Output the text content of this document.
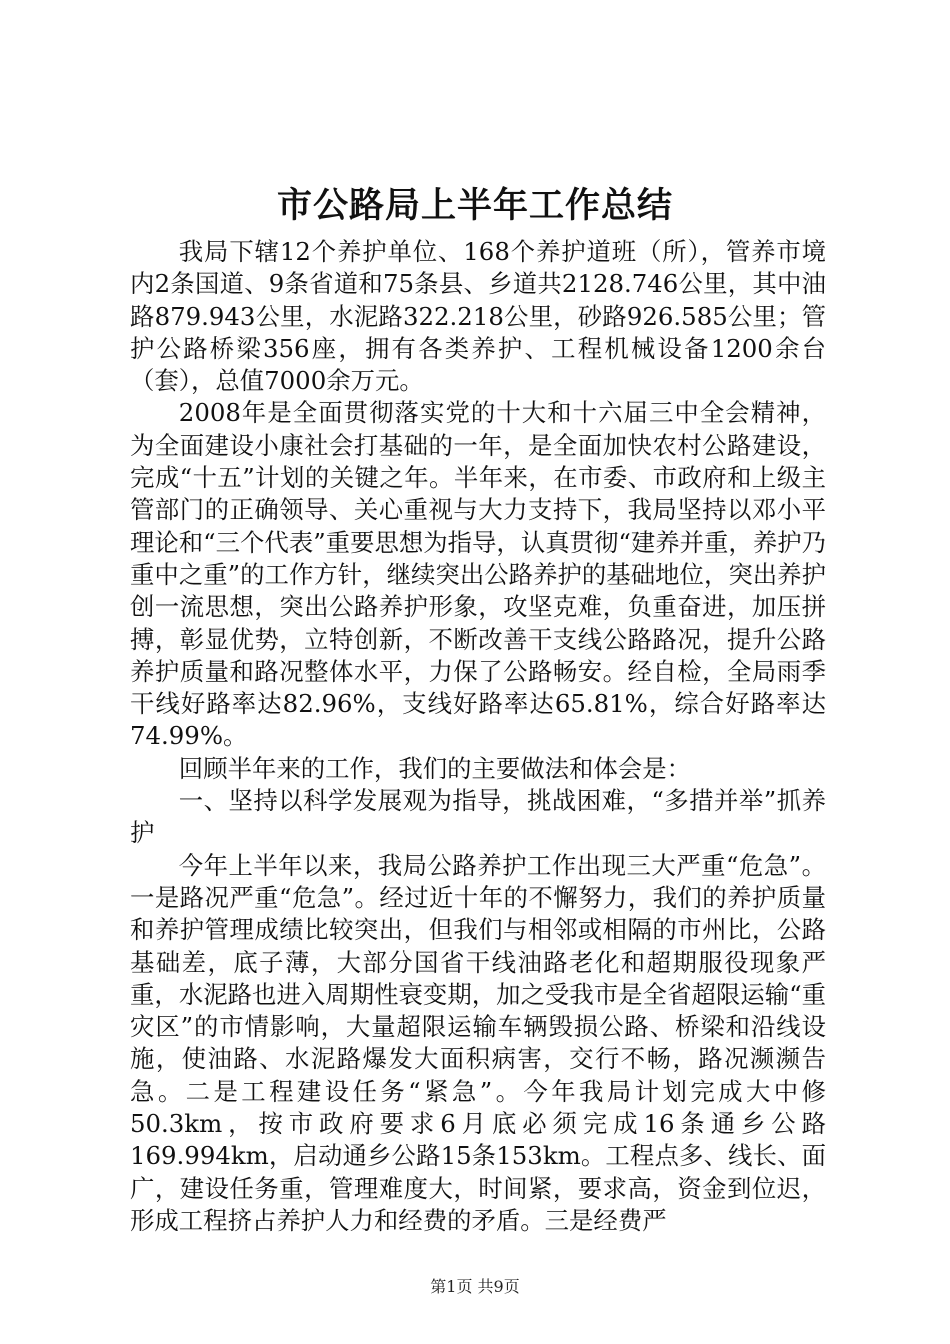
市公路局上半年工作总结

我局下辖12个养护单位、168个养护道班（所），管养市境内2条国道、9条省道和75条县、乡道共2128.746公里，其中油路879.943公里，水泥路322.218公里，砂路926.585公里；管护公路桥梁356座，拥有各类养护、工程机械设备1200余台（套），总值7000余万元。

2008年是全面贯彻落实党的十大和十六届三中全会精神，为全面建设小康社会打基础的一年，是全面加快农村公路建设，完成“十五”计划的关键之年。半年来，在市委、市政府和上级主管部门的正确领导、关心重视与大力支持下，我局坚持以邓小平理论和“三个代表”重要思想为指导，认真贯彻“建养并重，养护乃重中之重”的工作方针，继续突出公路养护的基础地位，突出养护创一流思想，突出公路养护形象，攻坚克难，负重奋进，加压拼搏，彰显优势，立特创新，不断改善干支线公路路况，提升公路养护质量和路况整体水平，力保了公路畅安。经自检，全局雨季干线好路率达82.96%，支线好路率达65.81%，综合好路率达74.99%。

回顾半年来的工作，我们的主要做法和体会是：

一、坚持以科学发展观为指导，挑战困难，“多措并举”抓养护

今年上半年以来，我局公路养护工作出现三大严重“危急”。一是路况严重“危急”。经过近十年的不懈努力，我们的养护质量和养护管理成绩比较突出，但我们与相邻或相隔的市州比，公路基础差，底子薄，大部分国省干线油路老化和超期服役现象严重，水泥路也进入周期性衰变期，加之受我市是全省超限运输“重灾区”的市情影响，大量超限运输车辆毁损公路、桥梁和沿线设施，使油路、水泥路爆发大面积病害，交行不畅，路况濒濒告急。二是工程建设任务“紧急”。今年我局计划完成大中修50.3km，按市政府要求6月底必须完成16条通乡公路169.994km，启动通乡公路15条153km。工程点多、线长、面广，建设任务重，管理难度大，时间紧，要求高，资金到位迟，形成工程挤占养护人力和经费的矛盾。三是经费严

第1页 共9页
